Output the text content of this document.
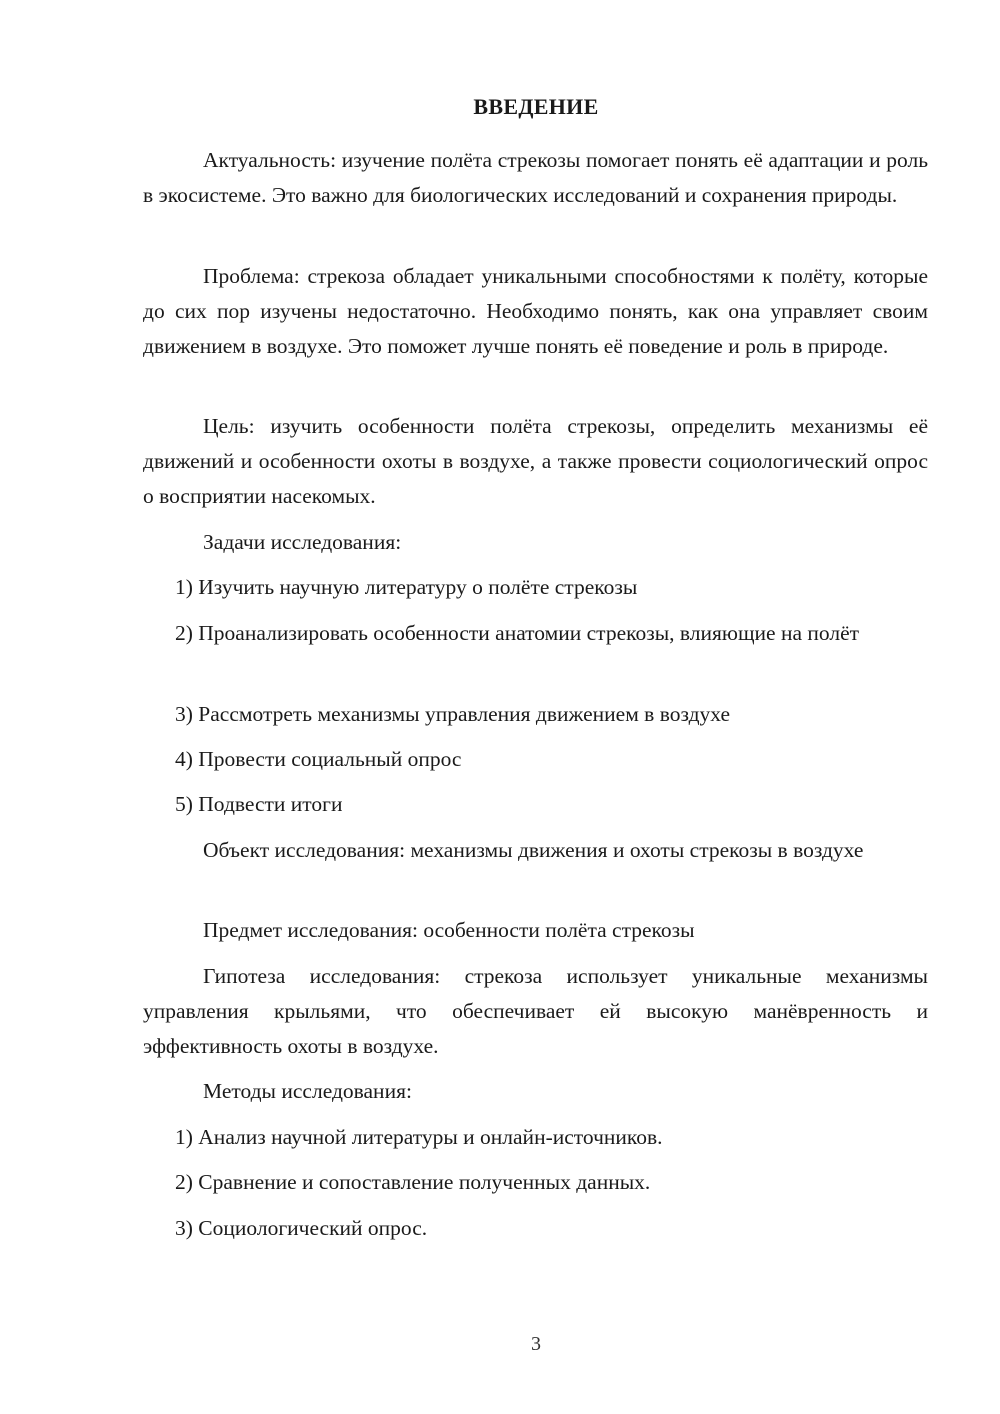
ВВЕДЕНИЕ
Актуальность: изучение полёта стрекозы помогает понять её адаптации и роль в экосистеме. Это важно для биологических исследований и сохранения природы.
Проблема: стрекоза обладает уникальными способностями к полёту, которые до сих пор изучены недостаточно. Необходимо понять, как она управляет своим движением в воздухе. Это поможет лучше понять её поведение и роль в природе.
Цель: изучить особенности полёта стрекозы, определить механизмы её движений и особенности охоты в воздухе, а также провести социологический опрос о восприятии насекомых.
Задачи исследования:
1) Изучить научную литературу о полёте стрекозы
2) Проанализировать особенности анатомии стрекозы, влияющие на полёт
3) Рассмотреть механизмы управления движением в воздухе
4) Провести социальный опрос
5) Подвести итоги
Объект исследования: механизмы движения и охоты стрекозы в воздухе
Предмет исследования: особенности полёта стрекозы
Гипотеза исследования: стрекоза использует уникальные механизмы управления крыльями, что обеспечивает ей высокую манёвренность и эффективность охоты в воздухе.
Методы исследования:
1) Анализ научной литературы и онлайн-источников.
2) Сравнение и сопоставление полученных данных.
3) Социологический опрос.
3
